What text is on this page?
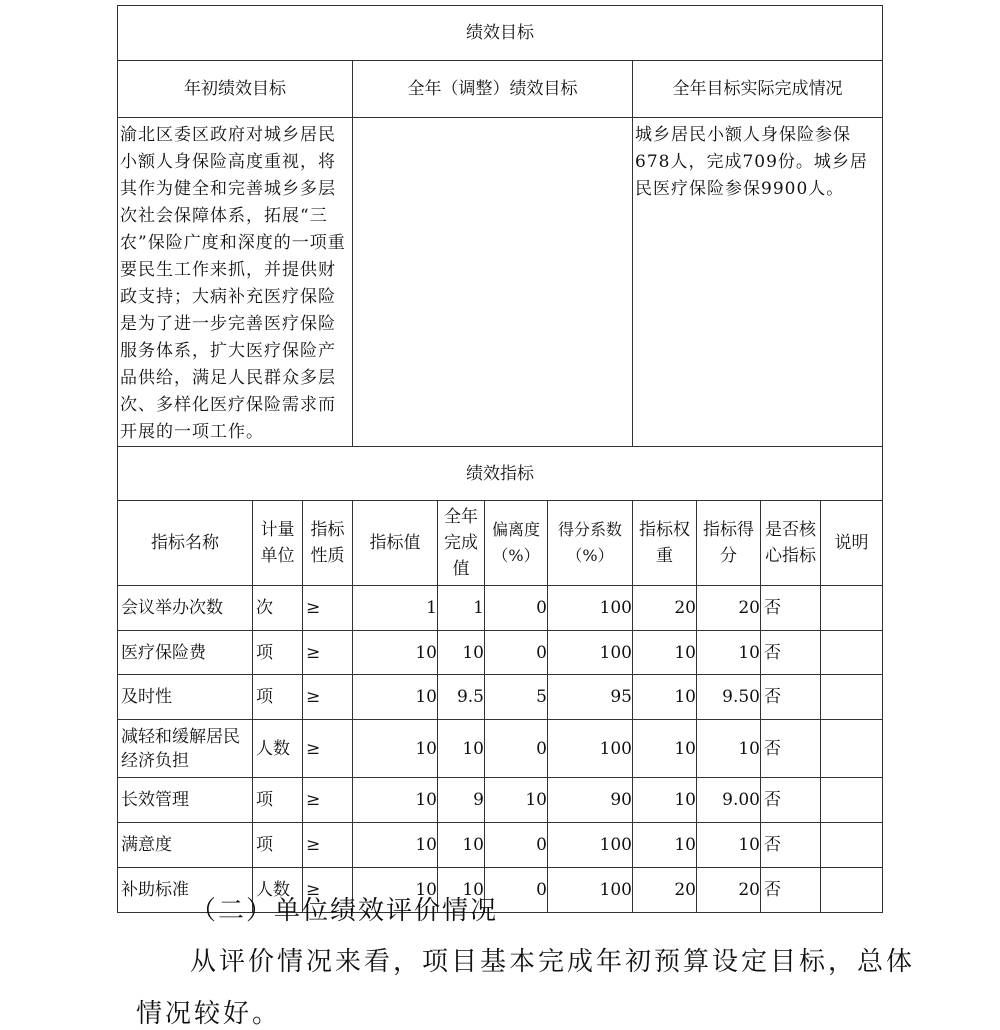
绩效目标										
年初绩效目标			全年（调整）绩效目标				全年目标实际完成情况			
渝北区委区政府对城乡居民小额人身保险高度重视，将其作为健全和完善城乡多层次社会保障体系，拓展“三农”保险广度和深度的一项重要民生工作来抓，并提供财政支持；大病补充医疗保险是为了进一步完善医疗保险服务体系，扩大医疗保险产品供给，满足人民群众多层次、多样化医疗保险需求而开展的一项工作。							城乡居民小额人身保险参保678人，完成709份。城乡居民医疗保险参保9900人。			
绩效指标										
指标名称	计量单位	指标性质	指标值	全年完成值	偏离度（%）	得分系数（%）	指标权重	指标得分	是否核心指标	说明
会议举办次数	次	≥	1	1	0	100	20	20	否	
医疗保险费	项	≥	10	10	0	100	10	10	否	
及时性	项	≥	10	9.5	5	95	10	9.50	否	
减轻和缓解居民经济负担	人数	≥	10	10	0	100	10	10	否	
长效管理	项	≥	10	9	10	90	10	9.00	否	
满意度	项	≥	10	10	0	100	10	10	否	
补助标准	人数	≥	10	10	0	100	20	20	否	
（二）单位绩效评价情况
从评价情况来看，项目基本完成年初预算设定目标，总体
情况较好。
